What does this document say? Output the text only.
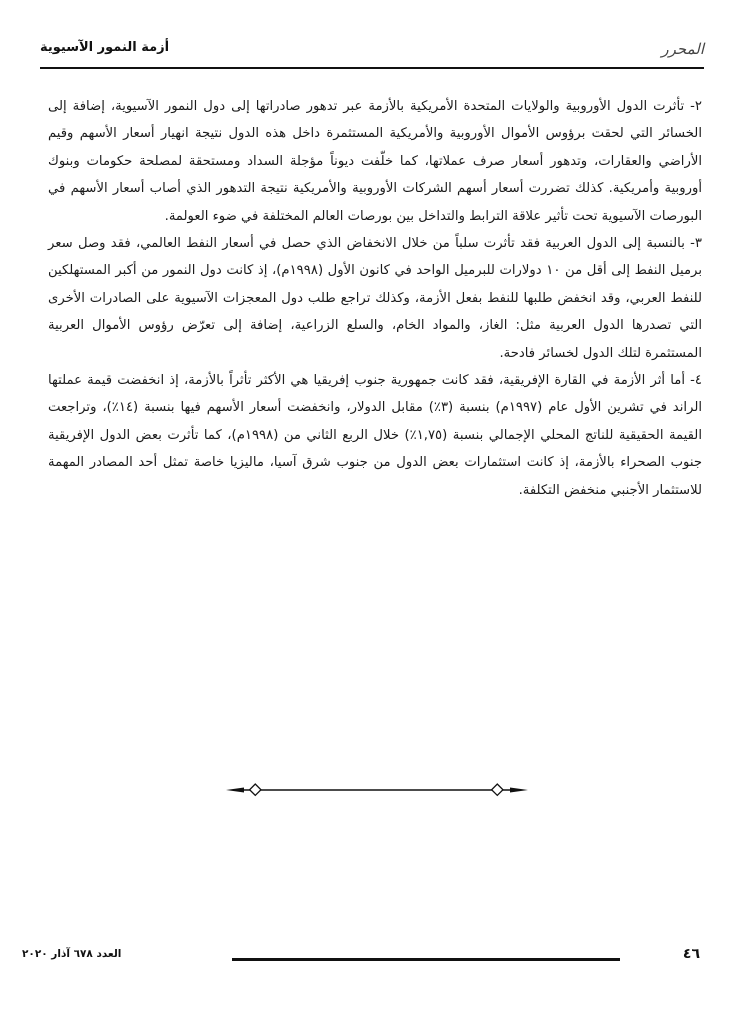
المحرر
أزمة النمور الآسيوية

٢- تأثرت الدول الأوروبية والولايات المتحدة الأمريكية بالأزمة عبر تدهور صادراتها إلى دول النمور الآسيوية، إضافة إلى الخسائر التي لحقت برؤوس الأموال الأوروبية والأمريكية المستثمرة داخل هذه الدول نتيجة انهيار أسعار الأسهم وقيم الأراضي والعقارات، وتدهور أسعار صرف عملاتها، كما خلّفت ديوناً مؤجلة السداد ومستحقة لمصلحة حكومات وبنوك أوروبية وأمريكية. كذلك تضررت أسعار أسهم الشركات الأوروبية والأمريكية نتيجة التدهور الذي أصاب أسعار الأسهم في البورصات الآسيوية تحت تأثير علاقة الترابط والتداخل بين بورصات العالم المختلفة في ضوء العولمة.

٣- بالنسبة إلى الدول العربية فقد تأثرت سلباً من خلال الانخفاض الذي حصل في أسعار النفط العالمي، فقد وصل سعر برميل النفط إلى أقل من ١٠ دولارات للبرميل الواحد في كانون الأول (١٩٩٨م)، إذ كانت دول النمور من أكبر المستهلكين للنفط العربي، وقد انخفض طلبها للنفط بفعل الأزمة، وكذلك تراجع طلب دول المعجزات الآسيوية على الصادرات الأخرى التي تصدرها الدول العربية مثل: الغاز، والمواد الخام، والسلع الزراعية، إضافة إلى تعرّض رؤوس الأموال العربية المستثمرة لتلك الدول لخسائر فادحة.

٤- أما أثر الأزمة في القارة الإفريقية، فقد كانت جمهورية جنوب إفريقيا هي الأكثر تأثراً بالأزمة، إذ انخفضت قيمة عملتها الراند في تشرين الأول عام (١٩٩٧م) بنسبة (٣٪) مقابل الدولار، وانخفضت أسعار الأسهم فيها بنسبة (١٤٪)، وتراجعت القيمة الحقيقية للناتج المحلي الإجمالي بنسبة (١,٧٥٪) خلال الربع الثاني من (١٩٩٨م)، كما تأثرت بعض الدول الإفريقية جنوب الصحراء بالأزمة، إذ كانت استثمارات بعض الدول من جنوب شرق آسيا، ماليزيا خاصة تمثل أحد المصادر المهمة للاستثمار الأجنبي منخفض التكلفة.

٤٦
العدد ٦٧٨ آذار ٢٠٢٠
